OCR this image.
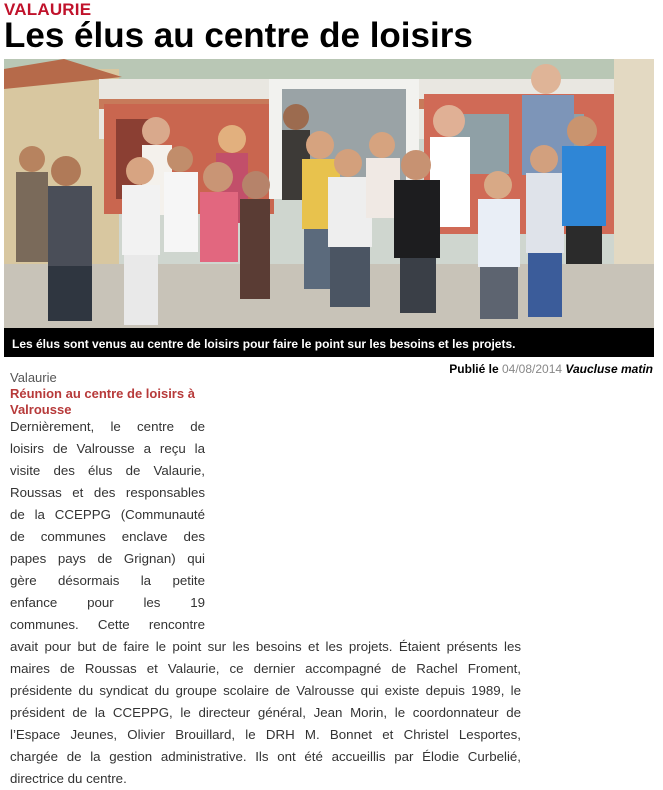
VALAURIE
Les élus au centre de loisirs
Les élus sont venus au centre de loisirs pour faire le point sur les besoins et les projets.
Publié le 04/08/2014 Vaucluse matin
Valaurie
Réunion au centre de loisirs à Valrousse
Dernièrement, le centre de
loisirs de Valrousse a reçu la
visite des élus de Valaurie,
Roussas et des responsables
de la CCEPPG (Communauté
de communes enclave des
papes pays de Grignan) qui
gère désormais la petite
enfance pour les 19
communes. Cette rencontre
avait pour but de faire le point sur les besoins et les projets. Étaient présents les
maires de Roussas et Valaurie, ce dernier accompagné de Rachel Froment,
présidente du syndicat du groupe scolaire de Valrousse qui existe depuis 1989, le
président de la CCEPPG, le directeur général, Jean Morin, le coordonnateur de
l’Espace Jeunes, Olivier Brouillard, le DRH M. Bonnet et Christel Lesportes,
chargée de la gestion administrative. Ils ont été accueillis par Élodie Curbelié,
directrice du centre.
